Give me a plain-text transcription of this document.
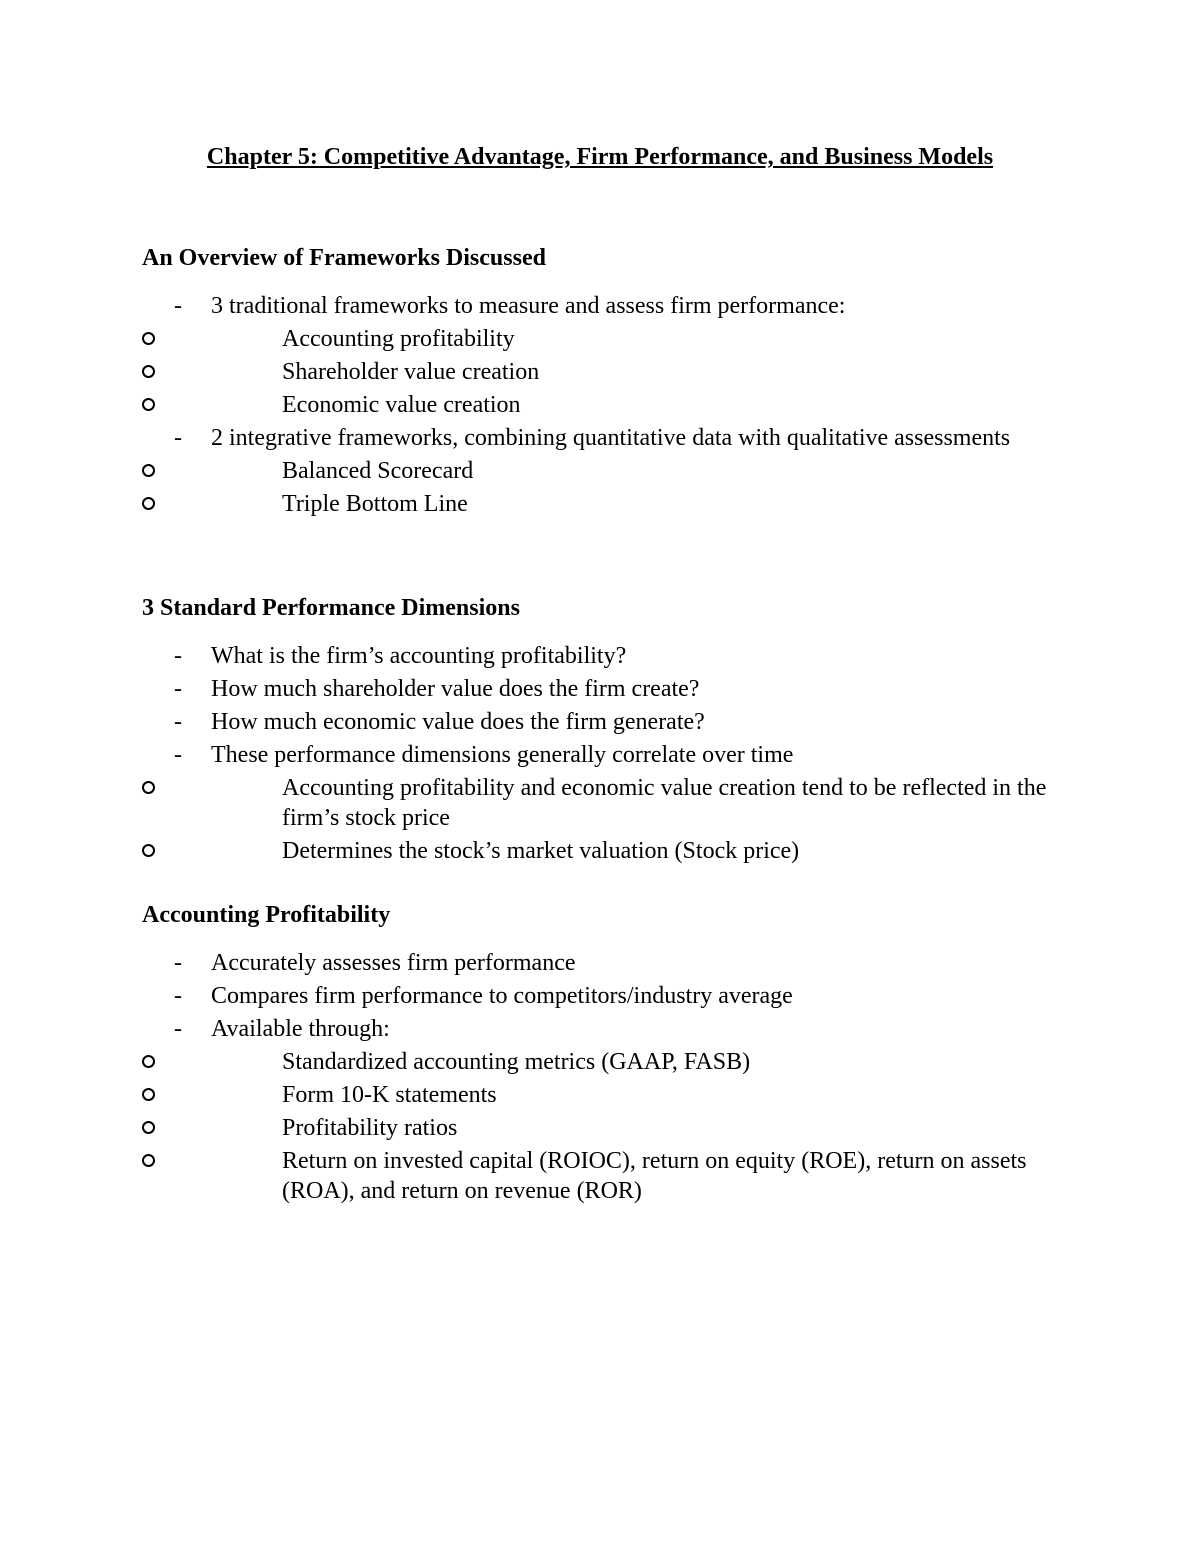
Chapter 5: Competitive Advantage, Firm Performance, and Business Models
An Overview of Frameworks Discussed
- 3 traditional frameworks to measure and assess firm performance:
Accounting profitability
Shareholder value creation
Economic value creation
- 2 integrative frameworks, combining quantitative data with qualitative assessments
Balanced Scorecard
Triple Bottom Line
3 Standard Performance Dimensions
- What is the firm’s accounting profitability?
- How much shareholder value does the firm create?
- How much economic value does the firm generate?
- These performance dimensions generally correlate over time
Accounting profitability and economic value creation tend to be reflected in the firm’s stock price
Determines the stock’s market valuation (Stock price)
Accounting Profitability
- Accurately assesses firm performance
- Compares firm performance to competitors/industry average
- Available through:
Standardized accounting metrics (GAAP, FASB)
Form 10-K statements
Profitability ratios
Return on invested capital (ROIOC), return on equity (ROE), return on assets (ROA), and return on revenue (ROR)
